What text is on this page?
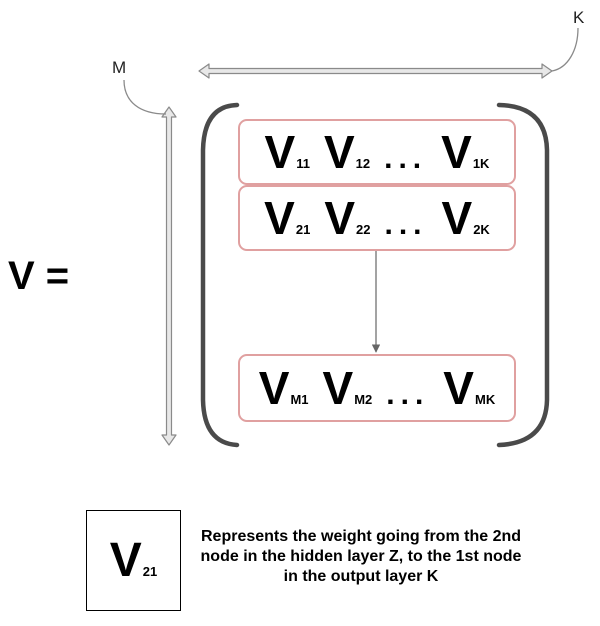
K
M
V =
V 11 V 12 ... V 1K
V 21 V 22 ... V 2K
V M1 V M2 ... V MK
V 21
Represents the weight going from the 2nd node in the hidden layer Z, to the 1st node in the output layer K
